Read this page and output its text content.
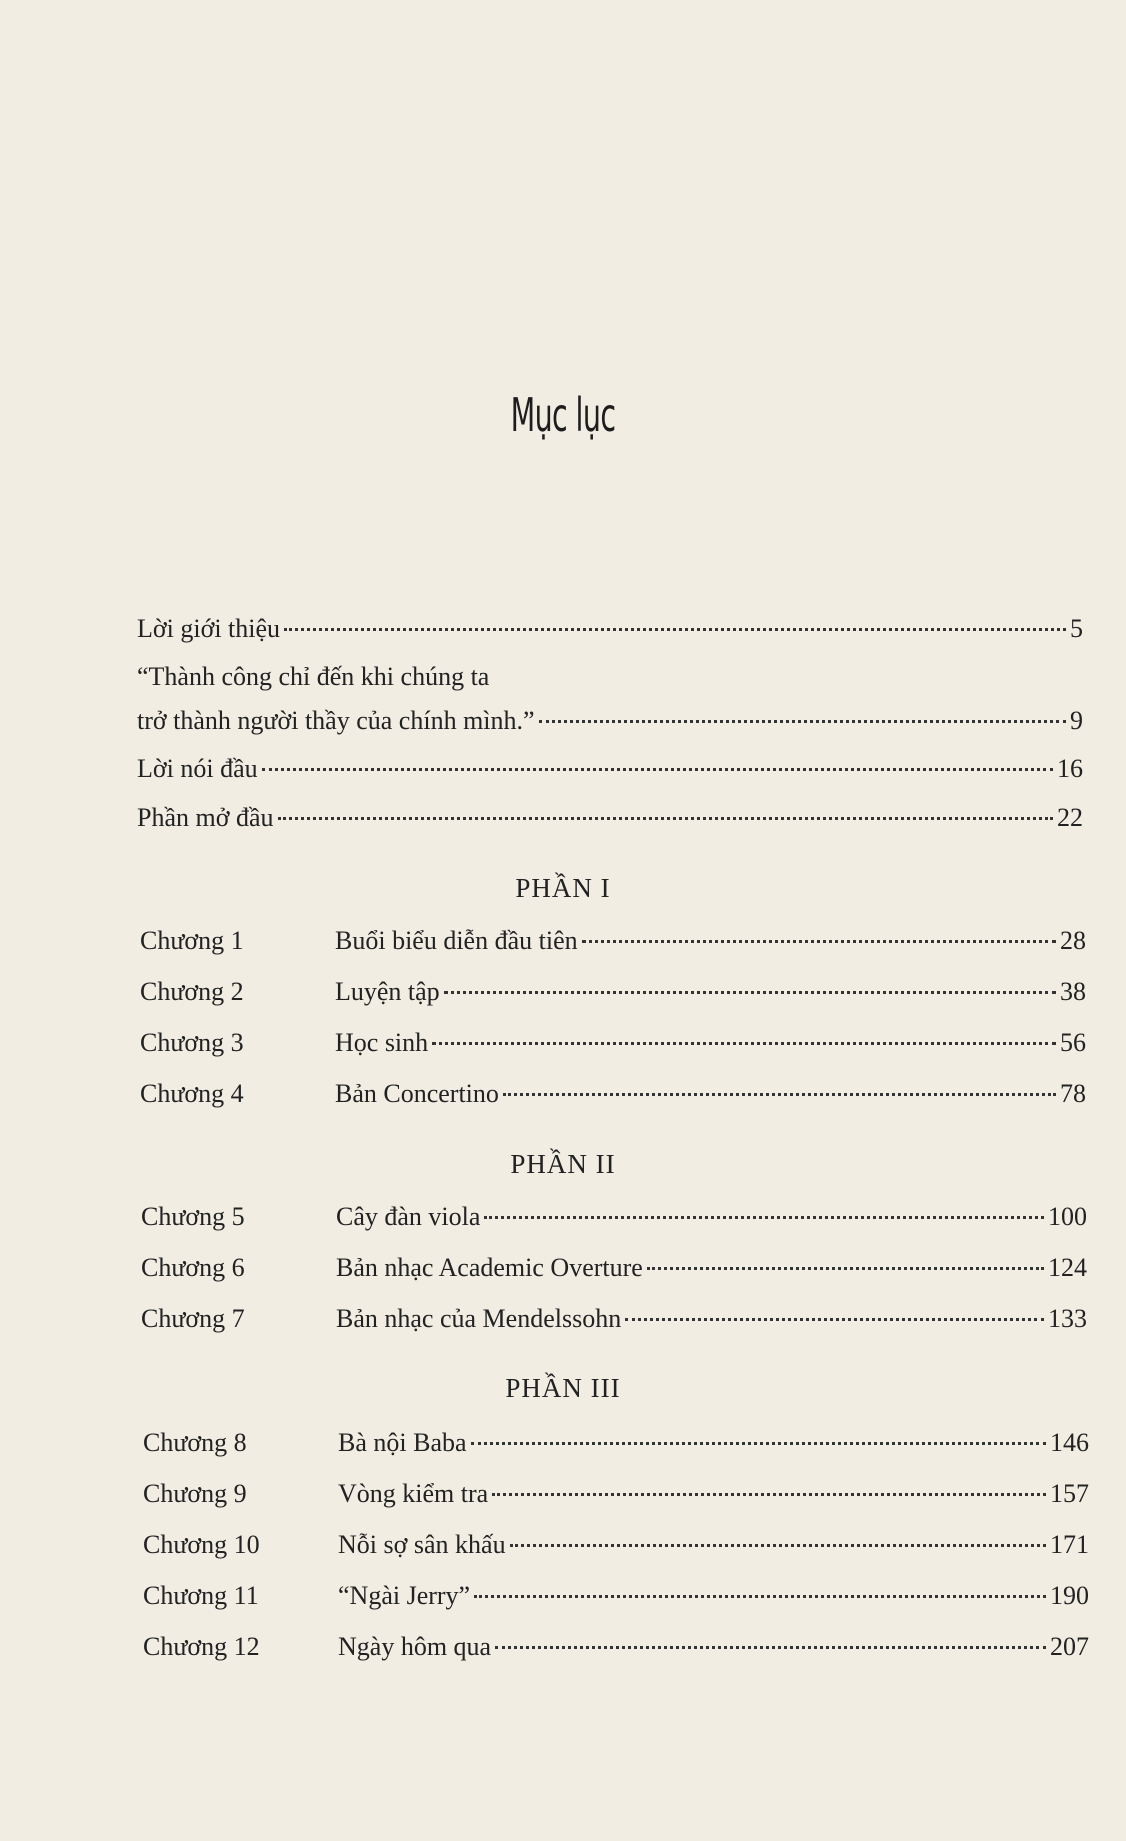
Mục lục
Lời giới thiệu	5
“Thành công chỉ đến khi chúng ta
trở thành người thầy của chính mình.”	9
Lời nói đầu	16
Phần mở đầu	22
PHẦN I
Chương 1	Buổi biểu diễn đầu tiên	28
Chương 2	Luyện tập	38
Chương 3	Học sinh	56
Chương 4	Bản Concertino	78
PHẦN II
Chương 5	Cây đàn viola	100
Chương 6	Bản nhạc Academic Overture	124
Chương 7	Bản nhạc của Mendelssohn	133
PHẦN III
Chương 8	Bà nội Baba	146
Chương 9	Vòng kiểm tra	157
Chương 10	Nỗi sợ sân khấu	171
Chương 11	“Ngài Jerry”	190
Chương 12	Ngày hôm qua	207
